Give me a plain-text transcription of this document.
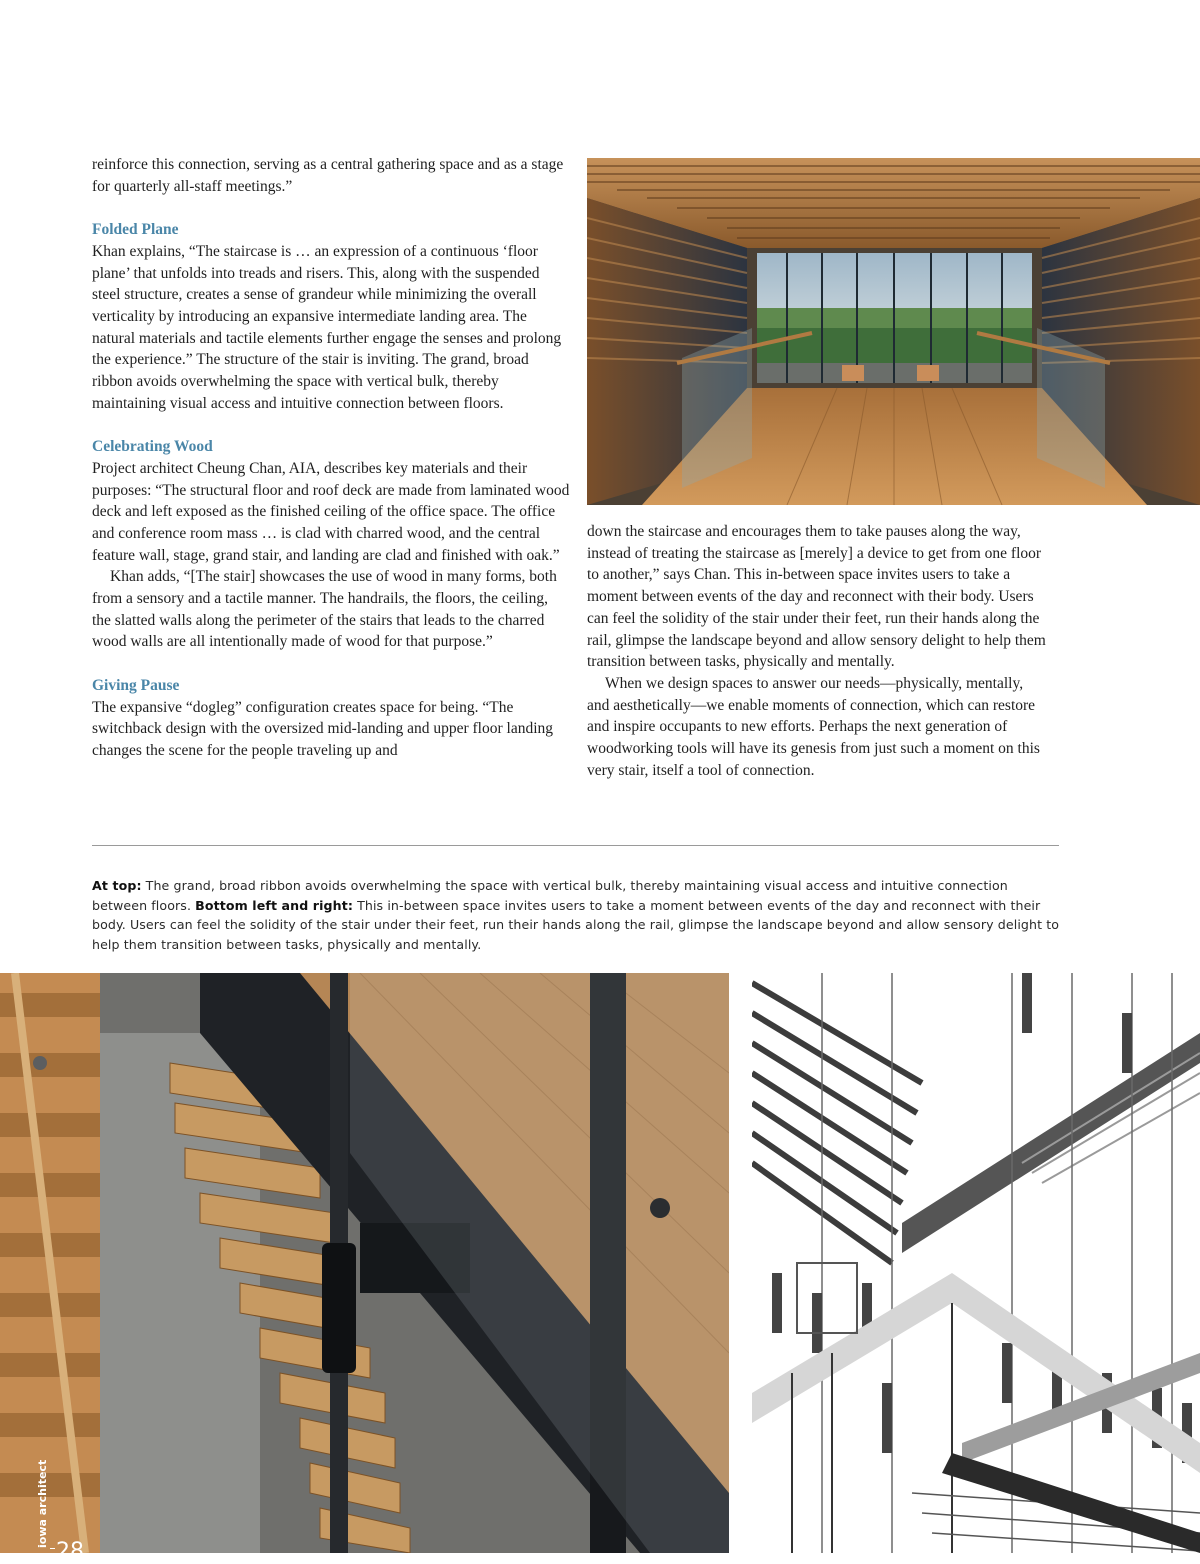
reinforce this connection, serving as a central gathering space and as a stage for quarterly all-staff meetings.”

Folded Plane

Khan explains, “The staircase is … an expression of a continuous ‘floor plane’ that unfolds into treads and risers. This, along with the suspended steel structure, creates a sense of grandeur while minimizing the overall verticality by introducing an expansive intermediate landing area. The natural materials and tactile elements further engage the senses and prolong the experience.” The structure of the stair is inviting. The grand, broad ribbon avoids overwhelming the space with vertical bulk, thereby maintaining visual access and intuitive connection between floors.

Celebrating Wood

Project architect Cheung Chan, AIA, describes key materials and their purposes: “The structural floor and roof deck are made from laminated wood deck and left exposed as the finished ceiling of the office space. The office and conference room mass … is clad with charred wood, and the central feature wall, stage, grand stair, and landing are clad and finished with oak.”

Khan adds, “[The stair] showcases the use of wood in many forms, both from a sensory and a tactile manner. The handrails, the floors, the ceiling, the slatted walls along the perimeter of the stairs that leads to the charred wood walls are all intentionally made of wood for that purpose.”

Giving Pause

The expansive “dogleg” configuration creates space for being. “The switchback design with the oversized mid-landing and upper floor landing changes the scene for the people traveling up and

down the staircase and encourages them to take pauses along the way, instead of treating the staircase as [merely] a device to get from one floor to another,” says Chan. This in-between space invites users to take a moment between events of the day and reconnect with their body. Users can feel the solidity of the stair under their feet, run their hands along the rail, glimpse the landscape beyond and allow sensory delight to help them transition between tasks, physically and mentally.

When we design spaces to answer our needs—physically, mentally, and aesthetically—we enable moments of connection, which can restore and inspire occupants to new efforts. Perhaps the next generation of woodworking tools will have its genesis from just such a moment on this very stair, itself a tool of connection.

At top: The grand, broad ribbon avoids overwhelming the space with vertical bulk, thereby maintaining visual access and intuitive connection between floors. Bottom left and right: This in-between space invites users to take a moment between events of the day and reconnect with their body. Users can feel the solidity of the stair under their feet, run their hands along the rail, glimpse the landscape beyond and allow sensory delight to help them transition between tasks, physically and mentally.
iowa architect
28
